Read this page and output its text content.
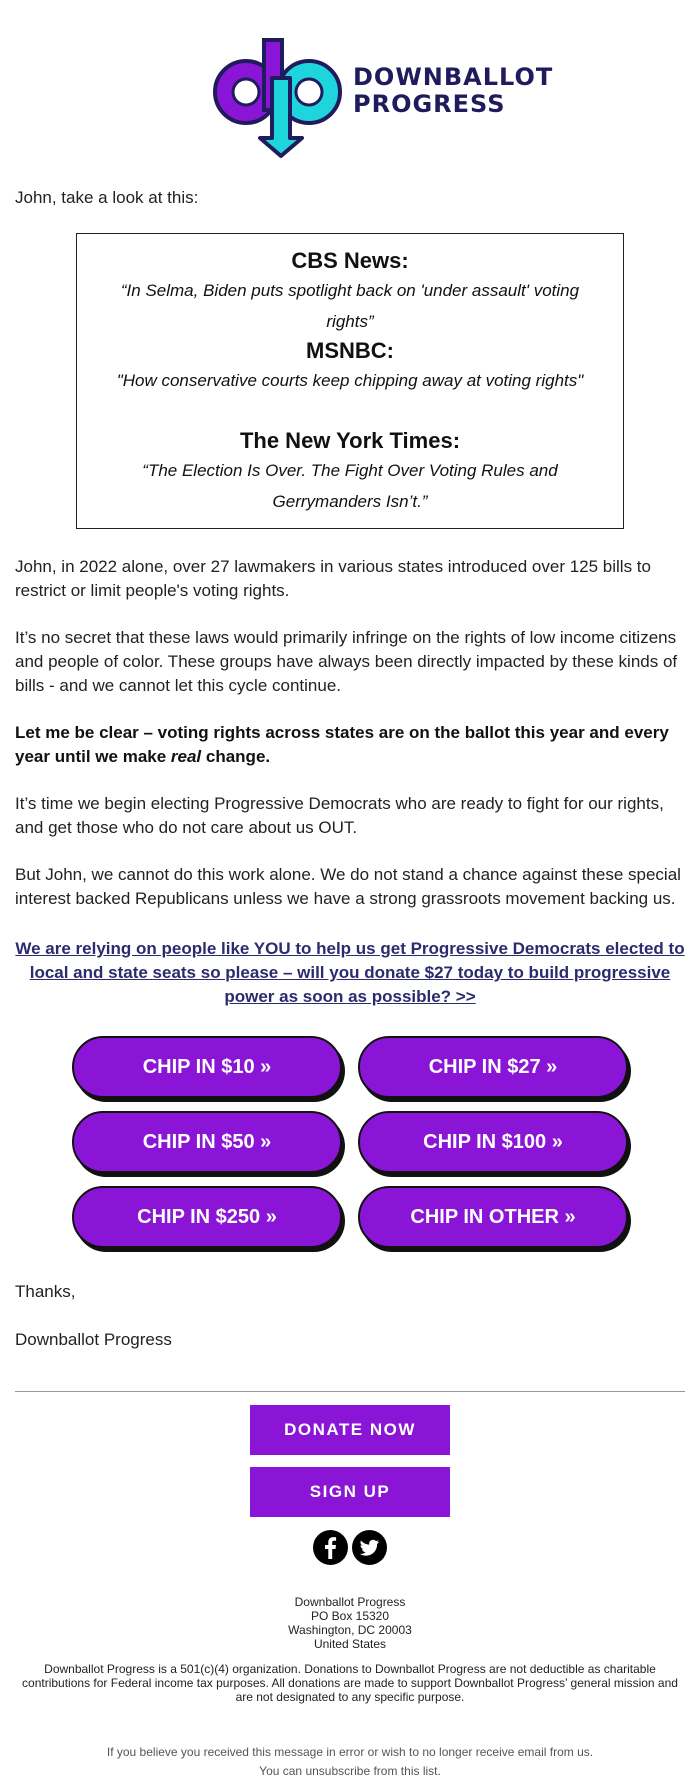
DOWNBALLOT
PROGRESS

John, take a look at this:

CBS News:

“In Selma, Biden puts spotlight back on 'under assault' voting rights”

MSNBC:

"How conservative courts keep chipping away at voting rights"

The New York Times:

“The Election Is Over. The Fight Over Voting Rules and

Gerrymanders Isn’t.”

John, in 2022 alone, over 27 lawmakers in various states introduced over 125 bills to restrict or limit people's voting rights.

It’s no secret that these laws would primarily infringe on the rights of low income citizens and people of color. These groups have always been directly impacted by these kinds of bills - and we cannot let this cycle continue.

Let me be clear – voting rights across states are on the ballot this year and every year until we make real change.

It’s time we begin electing Progressive Democrats who are ready to fight for our rights, and get those who do not care about us OUT.

But John, we cannot do this work alone. We do not stand a chance against these special interest backed Republicans unless we have a strong grassroots movement backing us.

We are relying on people like YOU to help us get Progressive Democrats elected to local and state seats so please – will you donate $27 today to build progressive power as soon as possible? >>
CHIP IN $10 »	CHIP IN $27 »
CHIP IN $50 »	CHIP IN $100 »
CHIP IN $250 »	CHIP IN OTHER »

Thanks,

Downballot Progress

DONATE NOW
SIGN UP
Downballot Progress
PO Box 15320
Washington, DC 20003
United States
Downballot Progress is a 501(c)(4) organization. Donations to Downballot Progress are not deductible as charitable contributions for Federal income tax purposes. All donations are made to support Downballot Progress’ general mission and are not designated to any specific purpose.
If you believe you received this message in error or wish to no longer receive email from us.
You can unsubscribe from this list.
